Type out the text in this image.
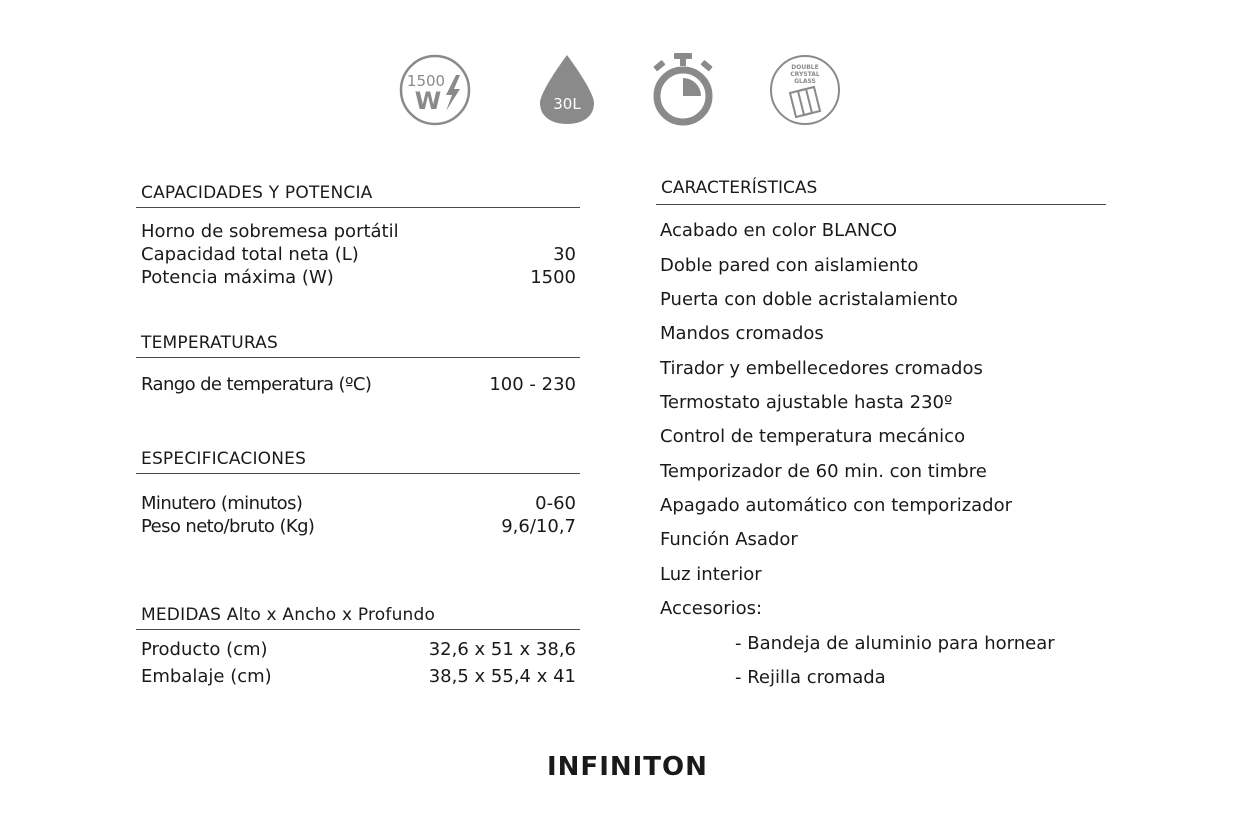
1500
W	30L
DOUBLE
CRYSTAL
GLASS
CAPACIDADES Y POTENCIA
Horno de sobremesa portátil
Capacidad total neta (L)	30
Potencia máxima (W)	1500
TEMPERATURAS
Rango de temperatura (ºC)	100 - 230
ESPECIFICACIONES
Minutero (minutos)	0-60
Peso neto/bruto (Kg)	9,6/10,7
MEDIDAS Alto x Ancho x Profundo
Producto (cm)	32,6 x 51 x 38,6
Embalaje (cm)	38,5 x 55,4 x 41
CARACTERÍSTICAS
Acabado en color BLANCO
Doble pared con aislamiento
Puerta con doble acristalamiento
Mandos cromados
Tirador y embellecedores cromados
Termostato ajustable hasta 230º
Control de temperatura mecánico
Temporizador de 60 min. con timbre
Apagado automático con temporizador
Función Asador
Luz interior
Accesorios:
- Bandeja de aluminio para hornear
- Rejilla cromada
INFINITON
